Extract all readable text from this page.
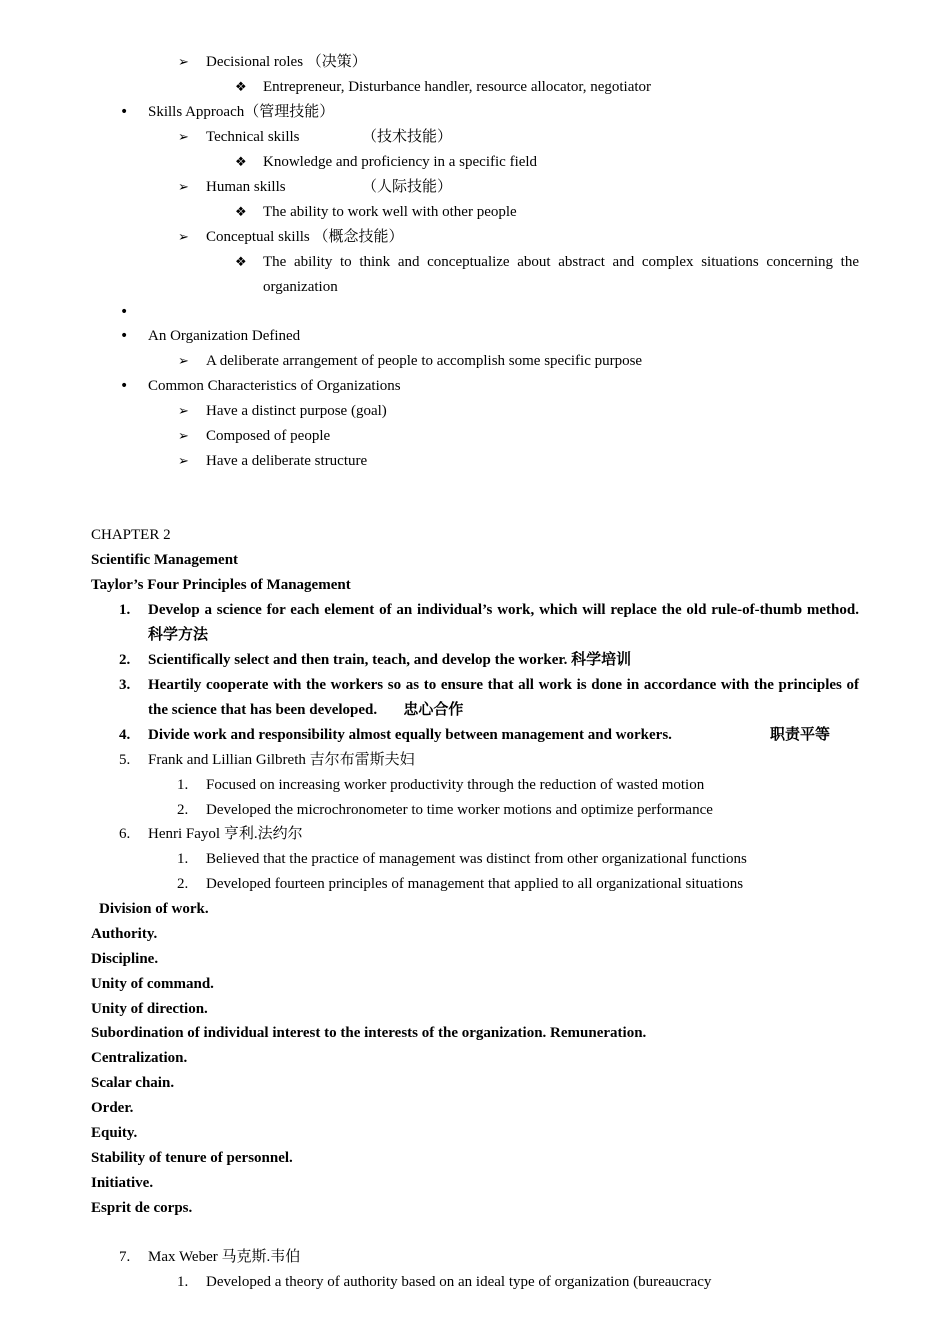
➢ Decisional roles （决策）
❖ Entrepreneur, Disturbance handler, resource allocator, negotiator
• Skills Approach（管理技能）
➢ Technical skills	（技术技能）
❖ Knowledge and proficiency in a specific field
➢ Human skills	（人际技能）
❖ The ability to work well with other people
➢ Conceptual skills （概念技能）
❖ The ability to think and conceptualize about abstract and complex situations concerning the organization
•
• An Organization Defined
➢ A deliberate arrangement of people to accomplish some specific purpose
• Common Characteristics of Organizations
➢ Have a distinct purpose (goal)
➢ Composed of people
➢ Have a deliberate structure
CHAPTER 2
Scientific Management
Taylor’s Four Principles of Management
1. Develop a science for each element of an individual’s work, which will replace the old rule-of-thumb method. 科学方法
2. Scientifically select and then train, teach, and develop the worker. 科学培训
3. Heartily cooperate with the workers so as to ensure that all work is done in accordance with the principles of the science that has been developed.       忠心合作
4. Divide work and responsibility almost equally between management and workers.	职责平等
5. Frank and Lillian Gilbreth 吉尔布雷斯夫妇
1. Focused on increasing worker productivity through the reduction of wasted motion
2. Developed the microchronometer to time worker motions and optimize performance
6. Henri Fayol 亨利.法约尔
1. Believed that the practice of management was distinct from other organizational functions
2. Developed fourteen principles of management that applied to all organizational situations
Division of work.
Authority.
Discipline.
Unity of command.
Unity of direction.
Subordination of individual interest to the interests of the organization. Remuneration.
Centralization.
Scalar chain.
Order.
Equity.
Stability of tenure of personnel.
Initiative.
Esprit de corps.
7. Max Weber 马克斯.韦伯
1. Developed a theory of authority based on an ideal type of organization (bureaucracy
